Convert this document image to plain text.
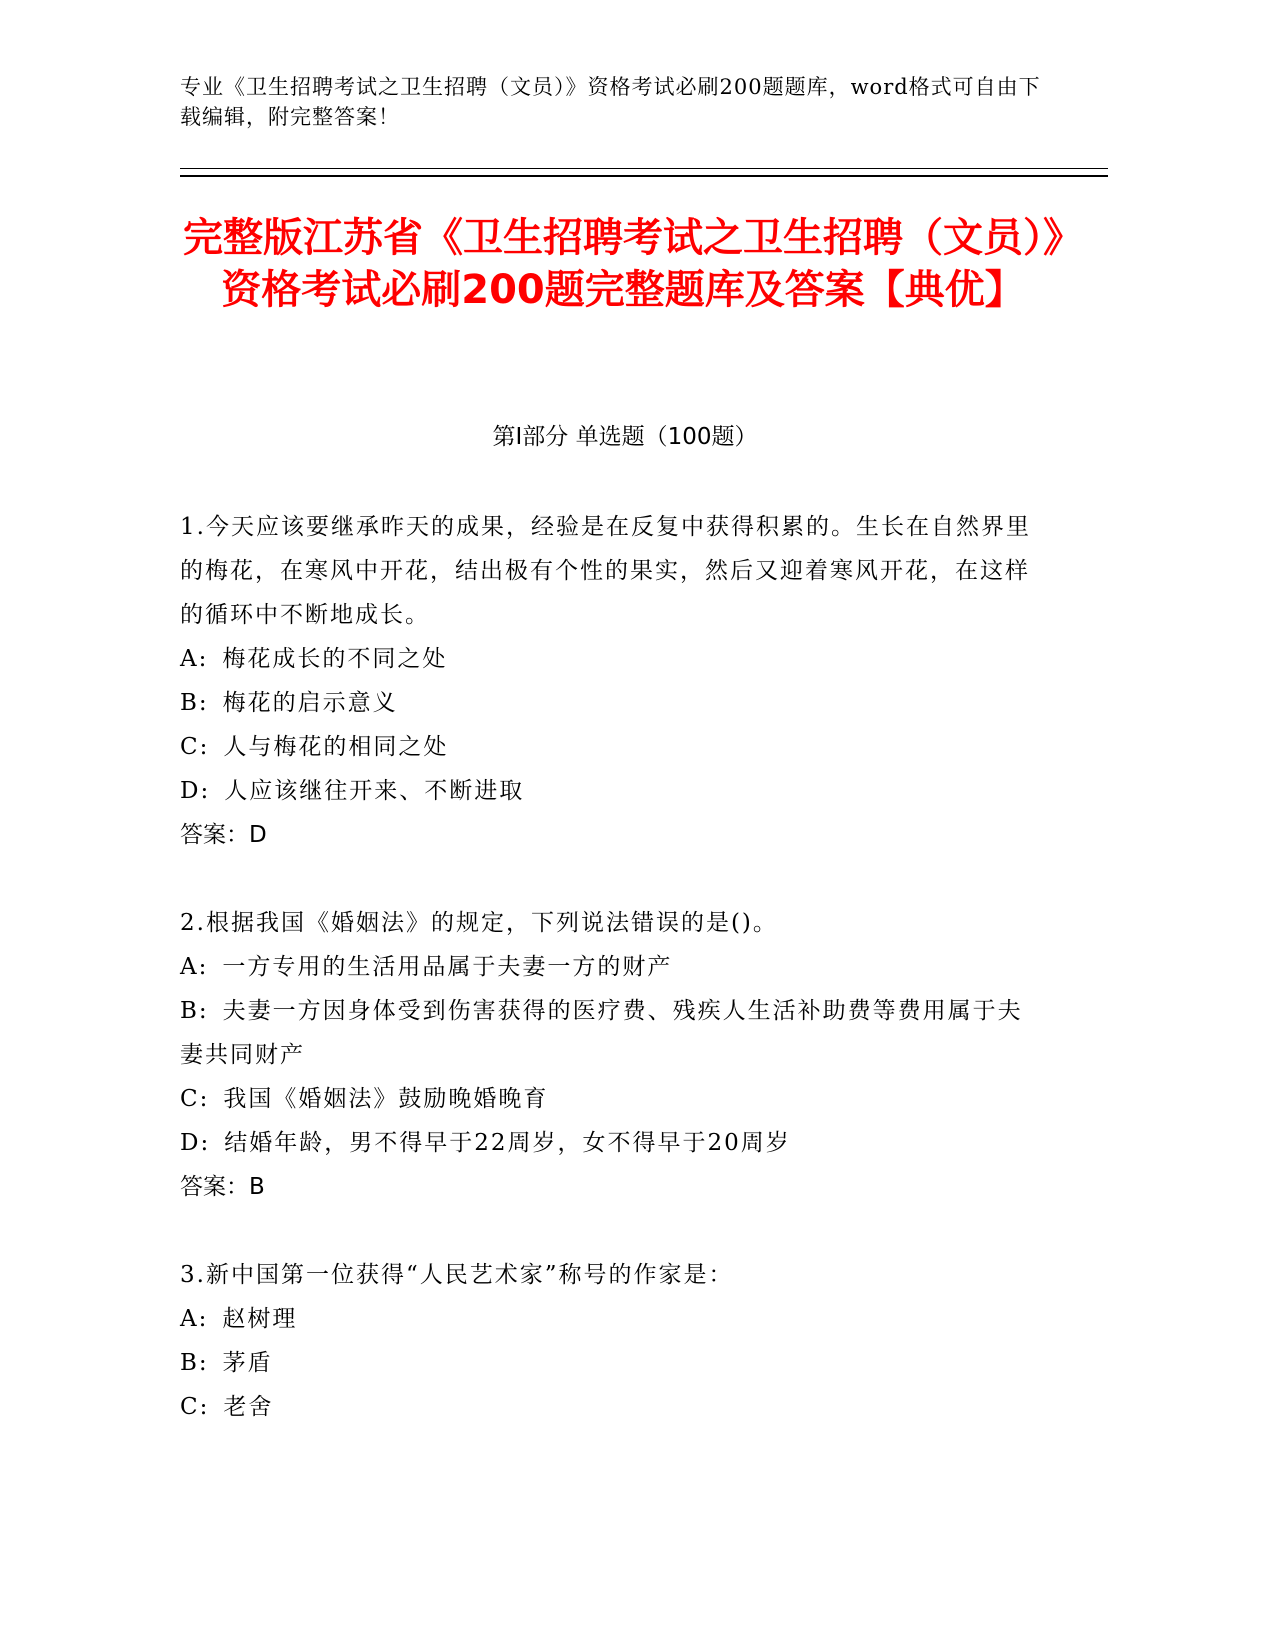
专业《卫生招聘考试之卫生招聘（文员）》资格考试必刷200题题库，word格式可自由下载编辑，附完整答案！
完整版江苏省《卫生招聘考试之卫生招聘（文员）》资格考试必刷200题完整题库及答案【典优】
第I部分 单选题（100题）

1.今天应该要继承昨天的成果，经验是在反复中获得积累的。生长在自然界里的梅花，在寒风中开花，结出极有个性的果实，然后又迎着寒风开花，在这样的循环中不断地成长。

A: 梅花成长的不同之处

B: 梅花的启示意义

C: 人与梅花的相同之处

D: 人应该继往开来、不断进取

答案：D

2.根据我国《婚姻法》的规定，下列说法错误的是()。

A: 一方专用的生活用品属于夫妻一方的财产

B: 夫妻一方因身体受到伤害获得的医疗费、残疾人生活补助费等费用属于夫妻共同财产

C: 我国《婚姻法》鼓励晚婚晚育

D: 结婚年龄，男不得早于22周岁，女不得早于20周岁

答案：B

3.新中国第一位获得“人民艺术家”称号的作家是：

A: 赵树理

B: 茅盾

C: 老舍
